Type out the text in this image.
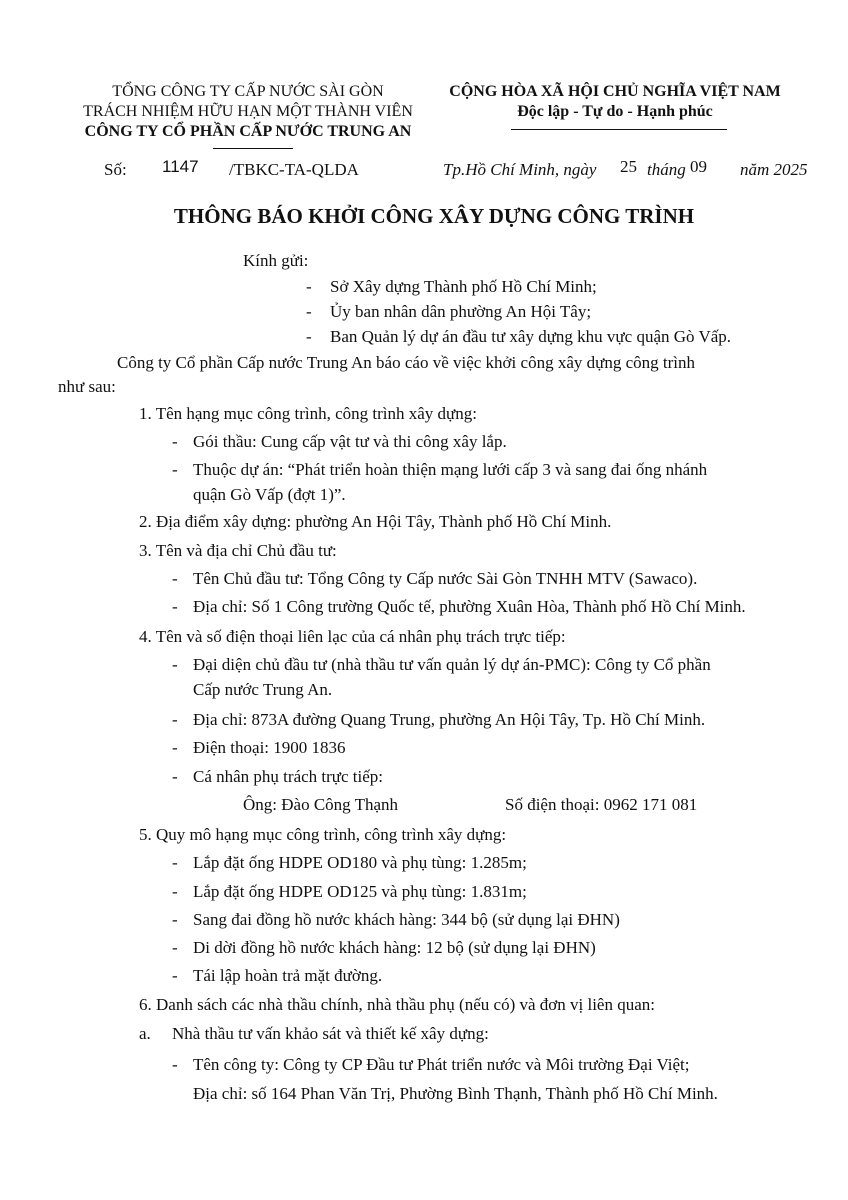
TỔNG CÔNG TY CẤP NƯỚC SÀI GÒN
TRÁCH NHIỆM HỮU HẠN MỘT THÀNH VIÊN
CÔNG TY CỔ PHẦN CẤP NƯỚC TRUNG AN
CỘNG HÒA XÃ HỘI CHỦ NGHĨA VIỆT NAM
Độc lập - Tự do - Hạnh phúc
Số: 1147 /TBKC-TA-QLDA	Tp.Hồ Chí Minh, ngày 25 tháng 09 năm 2025
THÔNG BÁO KHỞI CÔNG XÂY DỰNG CÔNG TRÌNH
Kính gửi:
- Sở Xây dựng Thành phố Hồ Chí Minh;
- Ủy ban nhân dân phường An Hội Tây;
- Ban Quản lý dự án đầu tư xây dựng khu vực quận Gò Vấp.
Công ty Cổ phần Cấp nước Trung An báo cáo về việc khởi công xây dựng công trình
như sau:
1. Tên hạng mục công trình, công trình xây dựng:
- Gói thầu: Cung cấp vật tư và thi công xây lắp.
- Thuộc dự án: “Phát triển hoàn thiện mạng lưới cấp 3 và sang đai ống nhánh
quận Gò Vấp (đợt 1)”.
2. Địa điểm xây dựng: phường An Hội Tây, Thành phố Hồ Chí Minh.
3. Tên và địa chỉ Chủ đầu tư:
- Tên Chủ đầu tư: Tổng Công ty Cấp nước Sài Gòn TNHH MTV (Sawaco).
- Địa chỉ: Số 1 Công trường Quốc tế, phường Xuân Hòa, Thành phố Hồ Chí Minh.
4. Tên và số điện thoại liên lạc của cá nhân phụ trách trực tiếp:
- Đại diện chủ đầu tư (nhà thầu tư vấn quản lý dự án-PMC): Công ty Cổ phần
Cấp nước Trung An.
- Địa chỉ: 873A đường Quang Trung, phường An Hội Tây, Tp. Hồ Chí Minh.
- Điện thoại: 1900 1836
- Cá nhân phụ trách trực tiếp:
Ông: Đào Công Thạnh	Số điện thoại: 0962 171 081
5. Quy mô hạng mục công trình, công trình xây dựng:
- Lắp đặt ống HDPE OD180 và phụ tùng: 1.285m;
- Lắp đặt ống HDPE OD125 và phụ tùng: 1.831m;
- Sang đai đồng hồ nước khách hàng: 344 bộ (sử dụng lại ĐHN)
- Di dời đồng hồ nước khách hàng: 12 bộ (sử dụng lại ĐHN)
- Tái lập hoàn trả mặt đường.
6. Danh sách các nhà thầu chính, nhà thầu phụ (nếu có) và đơn vị liên quan:
a. Nhà thầu tư vấn khảo sát và thiết kế xây dựng:
- Tên công ty: Công ty CP Đầu tư Phát triển nước và Môi trường Đại Việt;
Địa chỉ: số 164 Phan Văn Trị, Phường Bình Thạnh, Thành phố Hồ Chí Minh.
